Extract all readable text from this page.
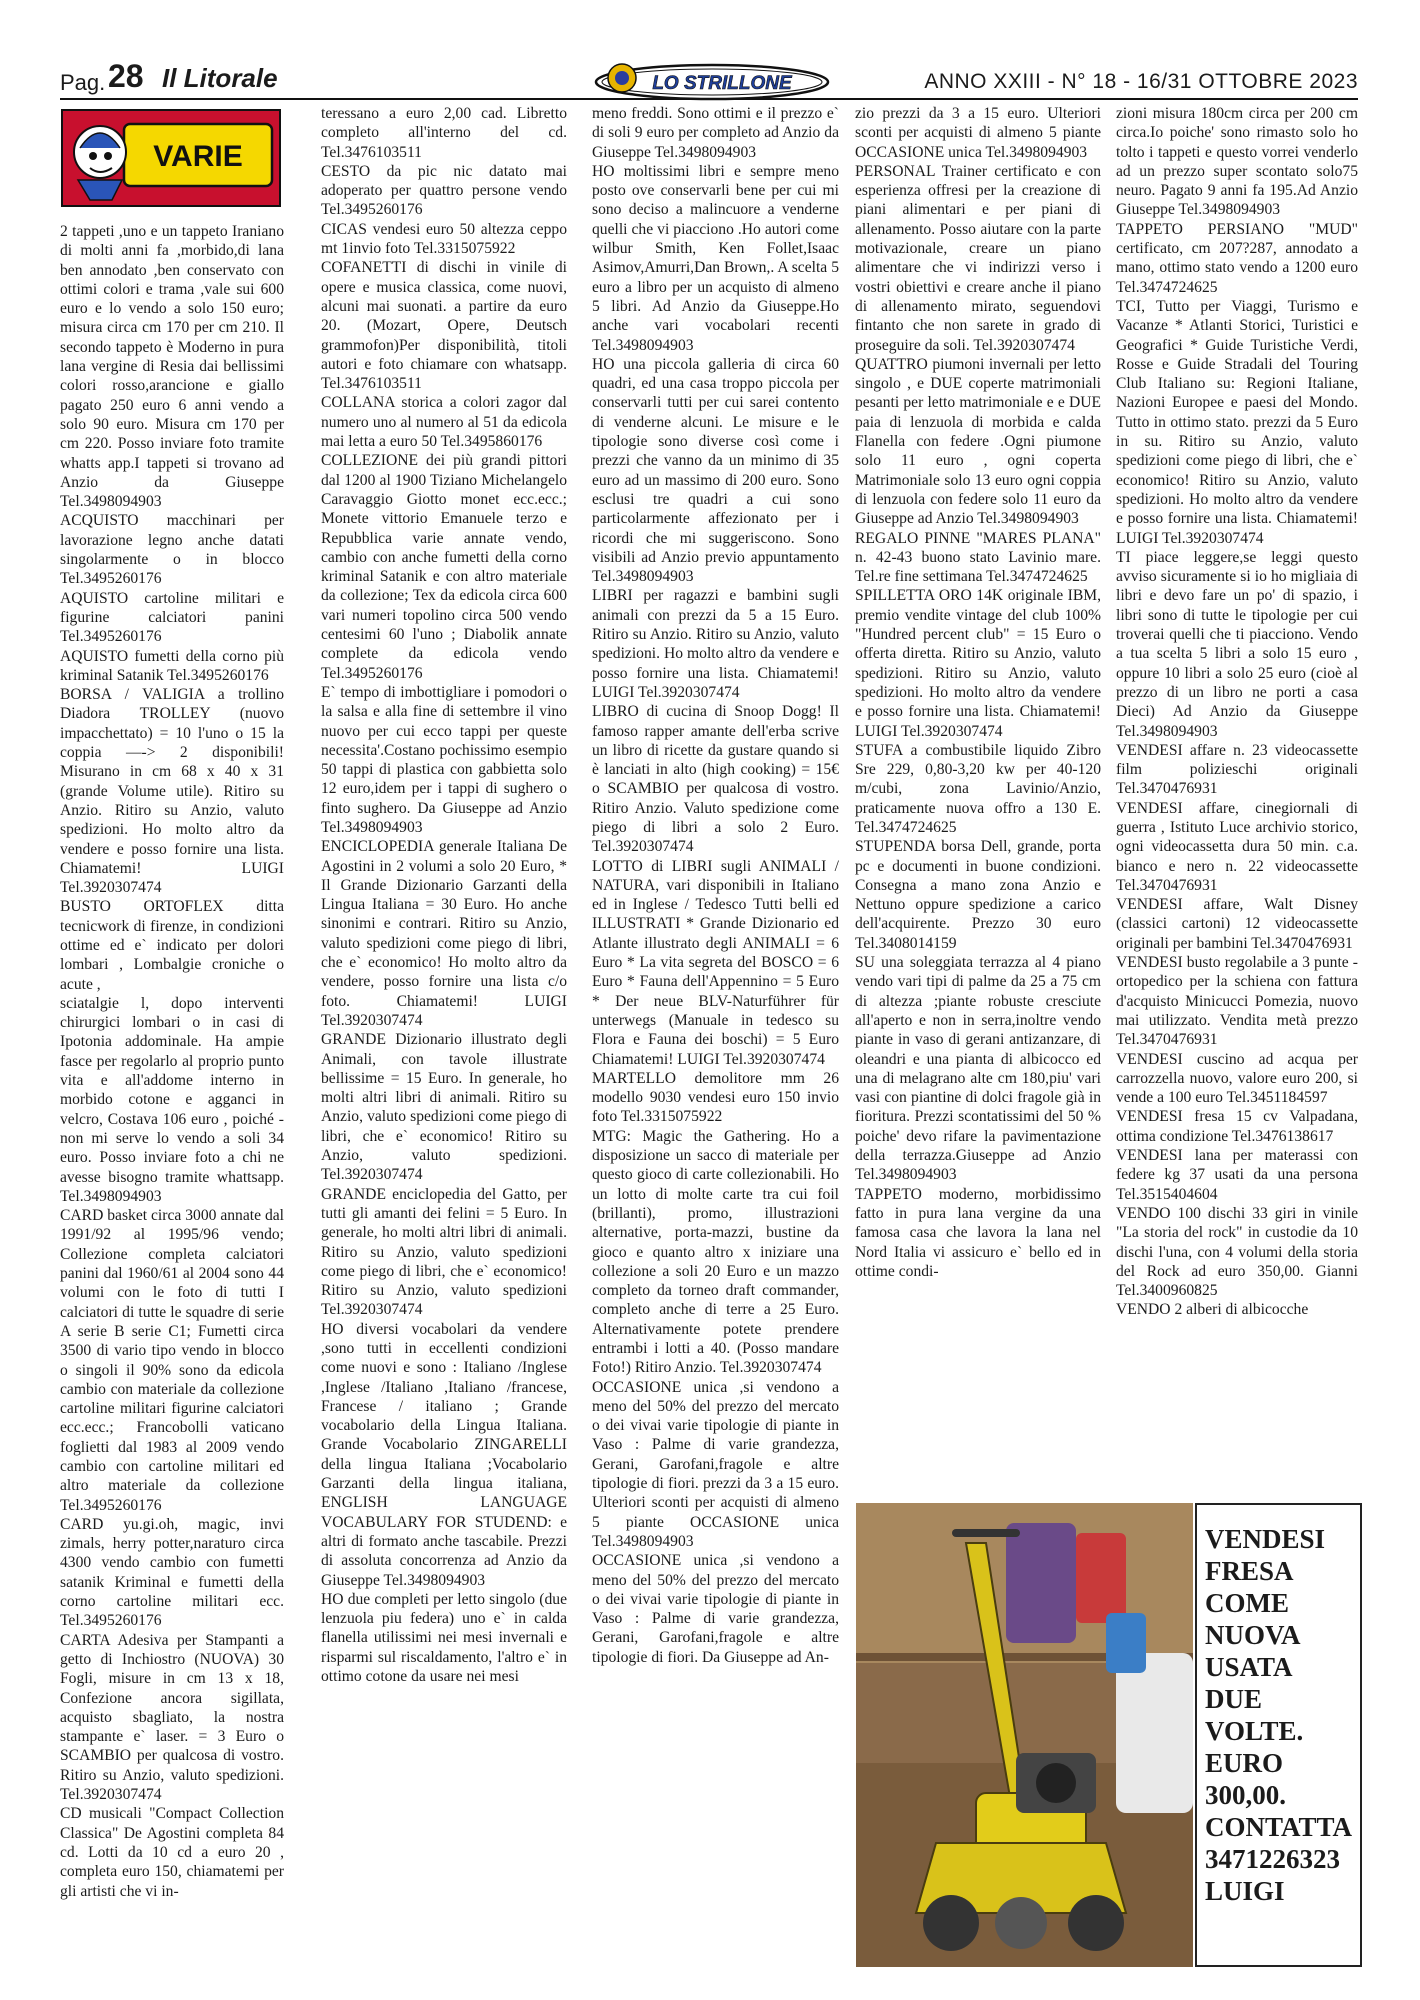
Pag. 28 Il Litorale	LO STRILLONE	ANNO XXIII - N° 18 - 16/31 OTTOBRE 2023
VARIE

2 tappeti ,uno e un tappeto Iraniano di molti anni fa ,morbido,di lana ben annodato ,ben conservato con ottimi colori e trama ,vale sui 600 euro e lo vendo a solo 150 euro; misura circa cm 170 per cm 210. Il secondo tappeto è Moderno in pura lana vergine di Resia dai bellissimi colori rosso,arancione e giallo pagato 250 euro 6 anni vendo a solo 90 euro. Misura cm 170 per cm 220. Posso inviare foto tramite whatts app.I tappeti si trovano ad Anzio da Giuseppe Tel.3498094903

ACQUISTO macchinari per lavorazione legno anche datati singolarmente o in blocco Tel.3495260176

AQUISTO cartoline militari e figurine calciatori panini Tel.3495260176

AQUISTO fumetti della corno più kriminal Satanik Tel.3495260176

BORSA / VALIGIA a trollino Diadora TROLLEY (nuovo impacchettato) = 10 l'uno o 15 la coppia —-> 2 disponibili! Misurano in cm 68 x 40 x 31 (grande Volume utile). Ritiro su Anzio. Ritiro su Anzio, valuto spedizioni. Ho molto altro da vendere e posso fornire una lista. Chiamatemi! LUIGI Tel.3920307474

BUSTO ORTOFLEX ditta tecnicwork di firenze, in condizioni ottime ed e` indicato per dolori lombari , Lombalgie croniche o acute ,

sciatalgie l, dopo interventi chirurgici lombari o in casi di Ipotonia addominale. Ha ampie fasce per regolarlo al proprio punto vita e all'addome interno in morbido cotone e agganci in velcro, Costava 106 euro , poiché - non mi serve lo vendo a soli 34 euro. Posso inviare foto a chi ne avesse bisogno tramite whattsapp. Tel.3498094903

CARD basket circa 3000 annate dal 1991/92 al 1995/96 vendo; Collezione completa calciatori panini dal 1960/61 al 2004 sono 44 volumi con le foto di tutti I calciatori di tutte le squadre di serie A serie B serie C1; Fumetti circa 3500 di vario tipo vendo in blocco o singoli il 90% sono da edicola cambio con materiale da collezione cartoline militari figurine calciatori ecc.ecc.; Francobolli vaticano foglietti dal 1983 al 2009 vendo cambio con cartoline militari ed altro materiale da collezione Tel.3495260176

CARD yu.gi.oh, magic, invi zimals, herry potter,naraturo circa 4300 vendo cambio con fumetti satanik Kriminal e fumetti della corno cartoline militari ecc. Tel.3495260176

CARTA Adesiva per Stampanti a getto di Inchiostro (NUOVA) 30 Fogli, misure in cm 13 x 18, Confezione ancora sigillata, acquisto sbagliato, la nostra stampante e` laser. = 3 Euro o SCAMBIO per qualcosa di vostro. Ritiro su Anzio, valuto spedizioni. Tel.3920307474

CD musicali "Compact Collection Classica" De Agostini completa 84 cd. Lotti da 10 cd a euro 20 , completa euro 150, chiamatemi per gli artisti che vi in-

teressano a euro 2,00 cad. Libretto completo all'interno del cd. Tel.3476103511

CESTO da pic nic datato mai adoperato per quattro persone vendo Tel.3495260176

CICAS vendesi euro 50 altezza ceppo mt 1invio foto Tel.3315075922

COFANETTI di dischi in vinile di opere e musica classica, come nuovi, alcuni mai suonati. a partire da euro 20. (Mozart, Opere, Deutsch grammofon)Per disponibilità, titoli autori e foto chiamare con whatsapp. Tel.3476103511

COLLANA storica a colori zagor dal numero uno al numero al 51 da edicola mai letta a euro 50 Tel.3495860176

COLLEZIONE dei più grandi pittori dal 1200 al 1900 Tiziano Michelangelo Caravaggio Giotto monet ecc.ecc.; Monete vittorio Emanuele terzo e Repubblica varie annate vendo, cambio con anche fumetti della corno kriminal Satanik e con altro materiale da collezione; Tex da edicola circa 600 vari numeri topolino circa 500 vendo centesimi 60 l'uno ; Diabolik annate complete da edicola vendo Tel.3495260176

E` tempo di imbottigliare i pomodori o la salsa e alla fine di settembre il vino nuovo per cui ecco tappi per queste necessita'.Costano pochissimo esempio 50 tappi di plastica con gabbietta solo 12 euro,idem per i tappi di sughero o finto sughero. Da Giuseppe ad Anzio Tel.3498094903

ENCICLOPEDIA generale Italiana De Agostini in 2 volumi a solo 20 Euro, * Il Grande Dizionario Garzanti della Lingua Italiana = 30 Euro. Ho anche sinonimi e contrari. Ritiro su Anzio, valuto spedizioni come piego di libri, che e` economico! Ho molto altro da vendere, posso fornire una lista c/o foto. Chiamatemi! LUIGI Tel.3920307474

GRANDE Dizionario illustrato degli Animali, con tavole illustrate bellissime = 15 Euro. In generale, ho molti altri libri di animali. Ritiro su Anzio, valuto spedizioni come piego di libri, che e` economico! Ritiro su Anzio, valuto spedizioni. Tel.3920307474

GRANDE enciclopedia del Gatto, per tutti gli amanti dei felini = 5 Euro. In generale, ho molti altri libri di animali. Ritiro su Anzio, valuto spedizioni come piego di libri, che e` economico! Ritiro su Anzio, valuto spedizioni Tel.3920307474

HO diversi vocabolari da vendere ,sono tutti in eccellenti condizioni come nuovi e sono : Italiano /Inglese ,Inglese /Italiano ,Italiano /francese, Francese / italiano ; Grande vocabolario della Lingua Italiana. Grande Vocabolario ZINGARELLI della lingua Italiana ;Vocabolario Garzanti della lingua italiana, ENGLISH LANGUAGE VOCABULARY FOR STUDEND: e altri di formato anche tascabile. Prezzi di assoluta concorrenza ad Anzio da Giuseppe Tel.3498094903

HO due completi per letto singolo (due lenzuola piu federa) uno e` in calda flanella utilissimi nei mesi invernali e risparmi sul riscaldamento, l'altro e` in ottimo cotone da usare nei mesi

meno freddi. Sono ottimi e il prezzo e` di soli 9 euro per completo ad Anzio da Giuseppe Tel.3498094903

HO moltissimi libri e sempre meno posto ove conservarli bene per cui mi sono deciso a malincuore a venderne quelli che vi piacciono .Ho autori come wilbur Smith, Ken Follet,Isaac Asimov,Amurri,Dan Brown,. A scelta 5 euro a libro per un acquisto di almeno 5 libri. Ad Anzio da Giuseppe.Ho anche vari vocabolari recenti Tel.3498094903

HO una piccola galleria di circa 60 quadri, ed una casa troppo piccola per conservarli tutti per cui sarei contento di venderne alcuni. Le misure e le tipologie sono diverse così come i prezzi che vanno da un minimo di 35 euro ad un massimo di 200 euro. Sono esclusi tre quadri a cui sono particolarmente affezionato per i ricordi che mi suggeriscono. Sono visibili ad Anzio previo appuntamento Tel.3498094903

LIBRI per ragazzi e bambini sugli animali con prezzi da 5 a 15 Euro. Ritiro su Anzio. Ritiro su Anzio, valuto spedizioni. Ho molto altro da vendere e posso fornire una lista. Chiamatemi! LUIGI Tel.3920307474

LIBRO di cucina di Snoop Dogg! Il famoso rapper amante dell'erba scrive un libro di ricette da gustare quando si è lanciati in alto (high cooking) = 15€ o SCAMBIO per qualcosa di vostro. Ritiro Anzio. Valuto spedizione come piego di libri a solo 2 Euro. Tel.3920307474

LOTTO di LIBRI sugli ANIMALI / NATURA, vari disponibili in Italiano ed in Inglese / Tedesco Tutti belli ed ILLUSTRATI * Grande Dizionario ed Atlante illustrato degli ANIMALI = 6 Euro * La vita segreta del BOSCO = 6 Euro * Fauna dell'Appennino = 5 Euro * Der neue BLV-Naturführer für unterwegs (Manuale in tedesco su Flora e Fauna dei boschi) = 5 Euro Chiamatemi! LUIGI Tel.3920307474

MARTELLO demolitore mm 26 modello 9030 vendesi euro 150 invio foto Tel.3315075922

MTG: Magic the Gathering. Ho a disposizione un sacco di materiale per questo gioco di carte collezionabili. Ho un lotto di molte carte tra cui foil (brillanti), promo, illustrazioni alternative, porta-mazzi, bustine da gioco e quanto altro x iniziare una collezione a soli 20 Euro e un mazzo completo da torneo draft commander, completo anche di terre a 25 Euro. Alternativamente potete prendere entrambi i lotti a 40. (Posso mandare Foto!) Ritiro Anzio. Tel.3920307474

OCCASIONE unica ,si vendono a meno del 50% del prezzo del mercato o dei vivai varie tipologie di piante in Vaso : Palme di varie grandezza, Gerani, Garofani,fragole e altre tipologie di fiori. prezzi da 3 a 15 euro. Ulteriori sconti per acquisti di almeno 5 piante OCCASIONE unica Tel.3498094903

OCCASIONE unica ,si vendono a meno del 50% del prezzo del mercato o dei vivai varie tipologie di piante in Vaso : Palme di varie grandezza, Gerani, Garofani,fragole e altre tipologie di fiori. Da Giuseppe ad An-

zio prezzi da 3 a 15 euro. Ulteriori sconti per acquisti di almeno 5 piante OCCASIONE unica Tel.3498094903

PERSONAL Trainer certificato e con esperienza offresi per la creazione di piani alimentari e per piani di allenamento. Posso aiutare con la parte motivazionale, creare un piano alimentare che vi indirizzi verso i vostri obiettivi e creare anche il piano di allenamento mirato, seguendovi fintanto che non sarete in grado di proseguire da soli. Tel.3920307474

QUATTRO piumoni invernali per letto singolo , e DUE coperte matrimoniali pesanti per letto matrimoniale e e DUE paia di lenzuola di morbida e calda Flanella con federe .Ogni piumone solo 11 euro , ogni coperta Matrimoniale solo 13 euro ogni coppia di lenzuola con federe solo 11 euro da Giuseppe ad Anzio Tel.3498094903

REGALO PINNE "MARES PLANA" n. 42-43 buono stato Lavinio mare. Tel.re fine settimana Tel.3474724625

SPILLETTA ORO 14K originale IBM, premio vendite vintage del club 100% "Hundred percent club" = 15 Euro o offerta diretta. Ritiro su Anzio, valuto spedizioni. Ritiro su Anzio, valuto spedizioni. Ho molto altro da vendere e posso fornire una lista. Chiamatemi! LUIGI Tel.3920307474

STUFA a combustibile liquido Zibro Sre 229, 0,80-3,20 kw per 40-120 m/cubi, zona Lavinio/Anzio, praticamente nuova offro a 130 E. Tel.3474724625

STUPENDA borsa Dell, grande, porta pc e documenti in buone condizioni. Consegna a mano zona Anzio e Nettuno oppure spedizione a carico dell'acquirente. Prezzo 30 euro Tel.3408014159

SU una soleggiata terrazza al 4 piano vendo vari tipi di palme da 25 a 75 cm di altezza ;piante robuste cresciute all'aperto e non in serra,inoltre vendo piante in vaso di gerani antizanzare, di oleandri e una pianta di albicocco ed una di melagrano alte cm 180,piu' vari vasi con piantine di dolci fragole già in fioritura. Prezzi scontatissimi del 50 % poiche' devo rifare la pavimentazione della terrazza.Giuseppe ad Anzio Tel.3498094903

TAPPETO moderno, morbidissimo fatto in pura lana vergine da una famosa casa che lavora la lana nel Nord Italia vi assicuro e` bello ed in ottime condi-

zioni misura 180cm circa per 200 cm circa.Io poiche' sono rimasto solo ho tolto i tappeti e questo vorrei venderlo ad un prezzo super scontato solo75 neuro. Pagato 9 anni fa 195.Ad Anzio Giuseppe Tel.3498094903

TAPPETO PERSIANO "MUD" certificato, cm 207?287, annodato a mano, ottimo stato vendo a 1200 euro Tel.3474724625

TCI, Tutto per Viaggi, Turismo e Vacanze * Atlanti Storici, Turistici e Geografici * Guide Turistiche Verdi, Rosse e Guide Stradali del Touring Club Italiano su: Regioni Italiane, Nazioni Europee e paesi del Mondo. Tutto in ottimo stato. prezzi da 5 Euro in su. Ritiro su Anzio, valuto spedizioni come piego di libri, che e` economico! Ritiro su Anzio, valuto spedizioni. Ho molto altro da vendere e posso fornire una lista. Chiamatemi! LUIGI Tel.3920307474

TI piace leggere,se leggi questo avviso sicuramente si io ho migliaia di libri e devo fare un po' di spazio, i libri sono di tutte le tipologie per cui troverai quelli che ti piacciono. Vendo a tua scelta 5 libri a solo 15 euro , oppure 10 libri a solo 25 euro (cioè al prezzo di un libro ne porti a casa Dieci) Ad Anzio da Giuseppe Tel.3498094903

VENDESI affare n. 23 videocassette film polizieschi originali Tel.3470476931

VENDESI affare, cinegiornali di guerra , Istituto Luce archivio storico, ogni videocassetta dura 50 min. c.a. bianco e nero n. 22 videocassette Tel.3470476931

VENDESI affare, Walt Disney (classici cartoni) 12 videocassette originali per bambini Tel.3470476931

VENDESI busto regolabile a 3 punte - ortopedico per la schiena con fattura d'acquisto Minicucci Pomezia, nuovo mai utilizzato. Vendita metà prezzo Tel.3470476931

VENDESI cuscino ad acqua per carrozzella nuovo, valore euro 200, si vende a 100 euro Tel.3451184597

VENDESI fresa 15 cv Valpadana, ottima condizione Tel.3476138617

VENDESI lana per materassi con federe kg 37 usati da una persona Tel.3515404604

VENDO 100 dischi 33 giri in vinile "La storia del rock" in custodie da 10 dischi l'una, con 4 volumi della storia del Rock ad euro 350,00. Gianni Tel.3400960825

VENDO 2 alberi di albicocche

VENDESI
FRESA
COME
NUOVA
USATA
DUE
VOLTE.
EURO
300,00.
CONTATTA
3471226323
LUIGI
